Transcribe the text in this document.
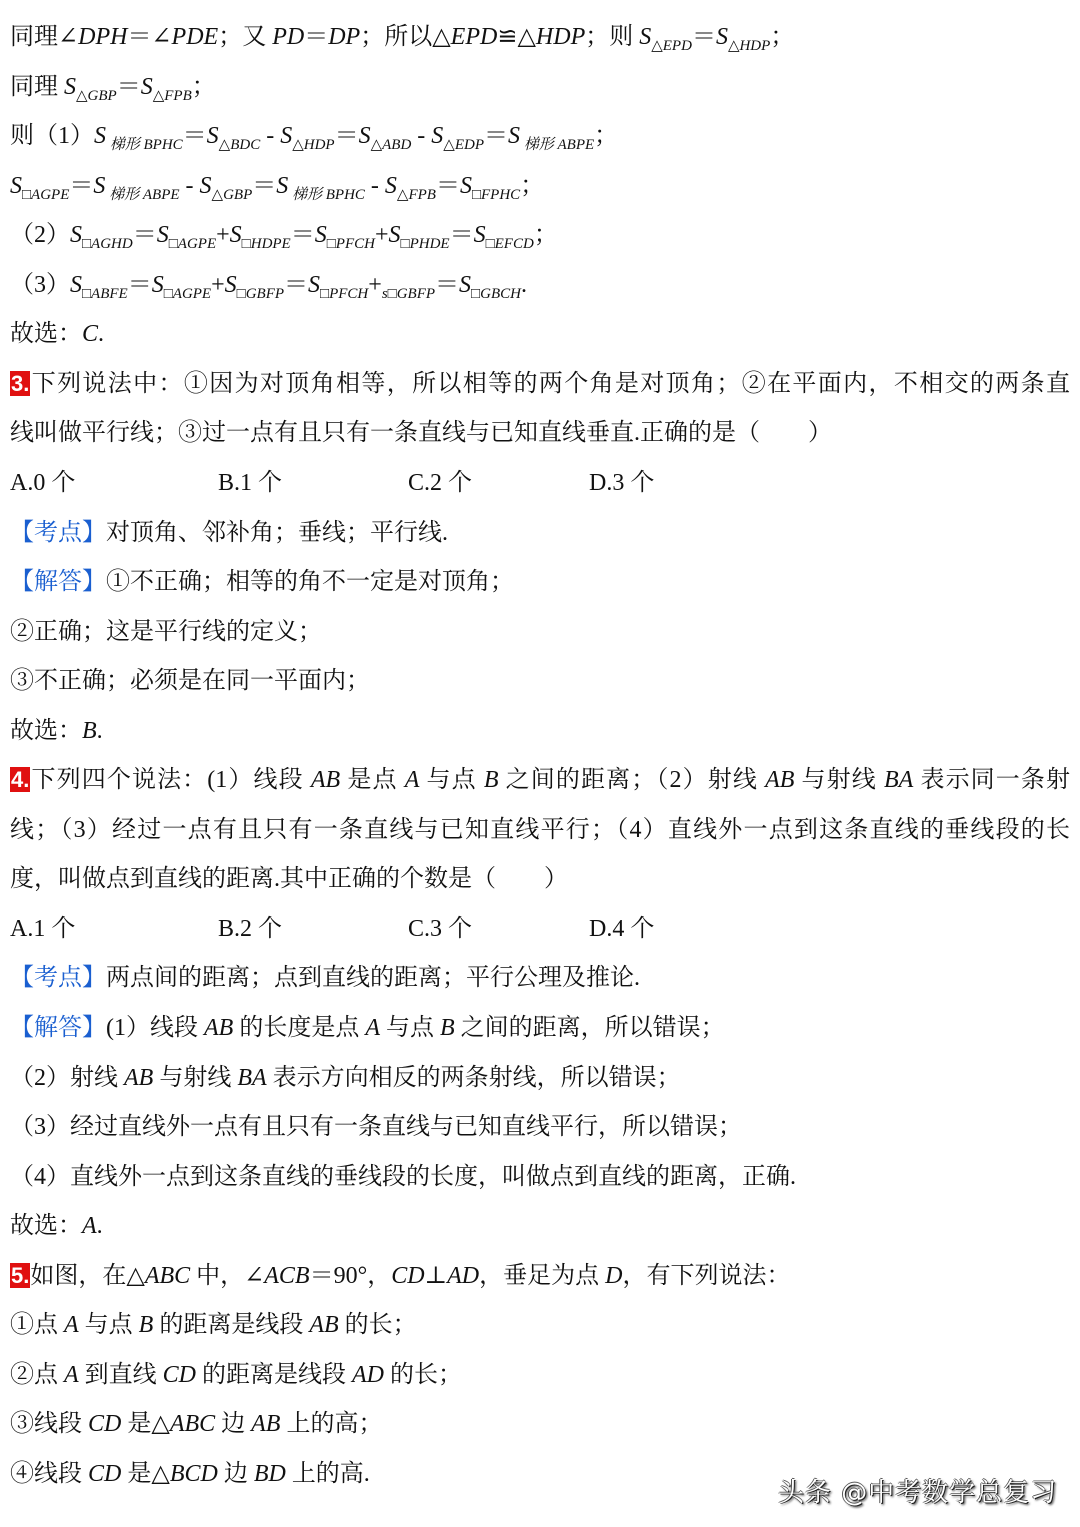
同理∠DPH＝∠PDE；又 PD＝DP；所以△EPD≌△HDP；则 $S_{\triangle EPD}=S_{\triangle HDP}$；
同理 $S_{\triangle GBP}=S_{\triangle FPB}$；
则（1）S $_{梯形 BPHC}=S_{\triangle BDC} - S_{\triangle HDP}=S_{\triangle ABD} - S_{\triangle EDP}=S$ $_{梯形 ABPE}$；
$S_{□AGPE}=S$ $_{梯形 ABPE} - S_{\triangle GBP}=S$ $_{梯形 BPHC} - S_{\triangle FPB}=S_{□FPHC}$；
$(2)S_{□AGHD}=S_{□AGPE}+S_{□HDPE}=S_{□PFCH}+S_{□PHDE}=S_{□EFCD}$；
$(3)S_{□ABFE}=S_{□AGPE}+S_{□GBFP}=S_{□PFCH}+_{s□GBFP}=S_{□GBCH}$.
故选：C.
3.下列说法中：①因为对顶角相等，所以相等的两个角是对顶角；②在平面内，不相交的两条直
线叫做平行线；③过一点有且只有一条直线与已知直线垂直.正确的是（　　）
A.0 个	B.1 个	C.2 个	D.3 个
【考点】对顶角、邻补角；垂线；平行线.
【解答】①不正确；相等的角不一定是对顶角；
②正确；这是平行线的定义；
③不正确；必须是在同一平面内；
故选：B.
4.下列四个说法：(1）线段 AB 是点 A 与点 B 之间的距离；（2）射线 AB 与射线 BA 表示同一条射
线；（3）经过一点有且只有一条直线与已知直线平行；（4）直线外一点到这条直线的垂线段的长
度，叫做点到直线的距离.其中正确的个数是（　　）
A.1 个	B.2 个	C.3 个	D.4 个
【考点】两点间的距离；点到直线的距离；平行公理及推论.
【解答】(1）线段 AB 的长度是点 A 与点 B 之间的距离，所以错误；
（2）射线 AB 与射线 BA 表示方向相反的两条射线，所以错误；
（3）经过直线外一点有且只有一条直线与已知直线平行，所以错误；
（4）直线外一点到这条直线的垂线段的长度，叫做点到直线的距离，正确.
故选：A.
5.如图，在△ABC 中，∠ACB＝90°，CD⊥AD，垂足为点 D，有下列说法：
①点 A 与点 B 的距离是线段 AB 的长；
②点 A 到直线 CD 的距离是线段 AD 的长；
③线段 CD 是△ABC 边 AB 上的高；
④线段 CD 是△BCD 边 BD 上的高.
头条 @中考数学总复习
